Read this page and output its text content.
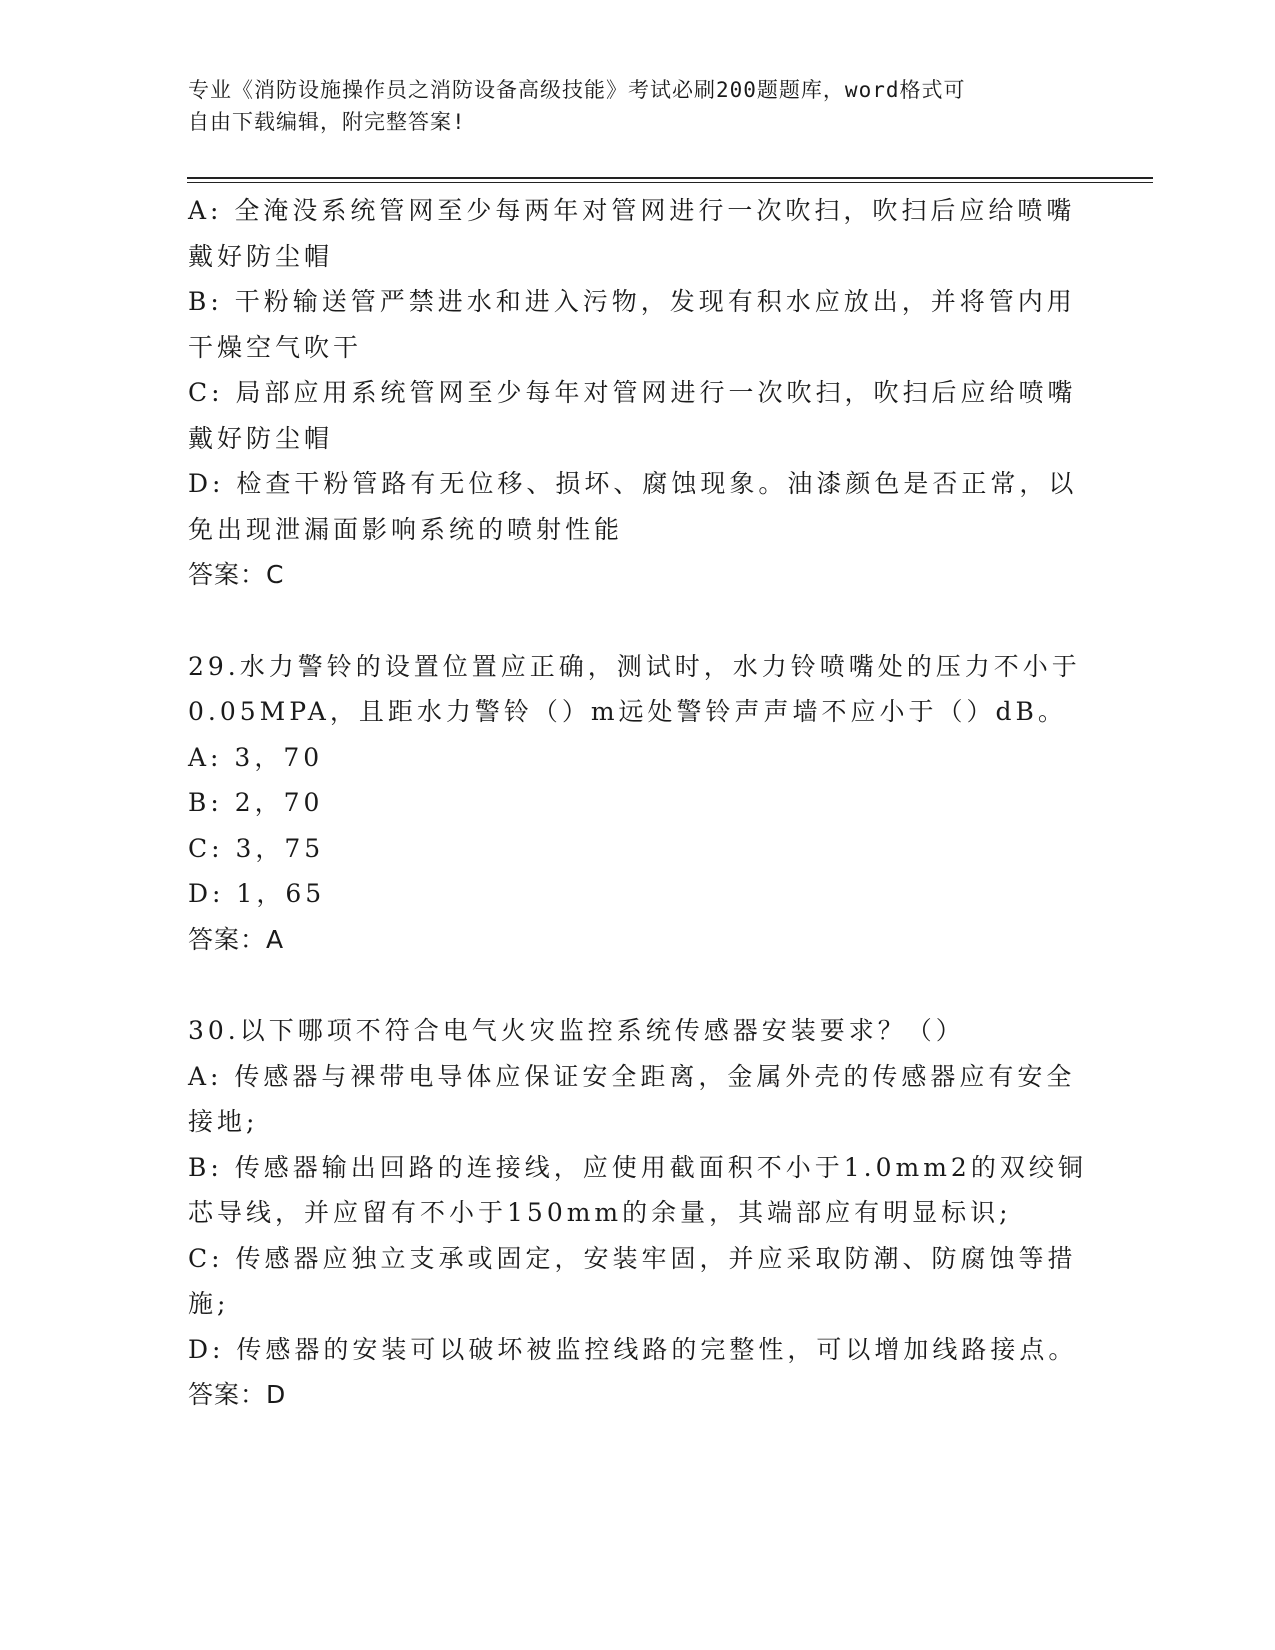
专业《消防设施操作员之消防设备高级技能》考试必刷200题题库，word格式可
自由下载编辑，附完整答案!
A: 全淹没系统管网至少每两年对管网进行一次吹扫，吹扫后应给喷嘴
戴好防尘帽
B: 干粉输送管严禁进水和进入污物，发现有积水应放出，并将管内用
干燥空气吹干
C: 局部应用系统管网至少每年对管网进行一次吹扫，吹扫后应给喷嘴
戴好防尘帽
D: 检查干粉管路有无位移、损坏、腐蚀现象。油漆颜色是否正常，以
免出现泄漏面影响系统的喷射性能
答案：C
29.水力警铃的设置位置应正确，测试时，水力铃喷嘴处的压力不小于
0.05MPA，且距水力警铃（）m远处警铃声声墙不应小于（）dB。
A: 3，70
B: 2，70
C: 3，75
D: 1，65
答案：A
30.以下哪项不符合电气火灾监控系统传感器安装要求？（）
A: 传感器与裸带电导体应保证安全距离，金属外壳的传感器应有安全
接地;
B: 传感器输出回路的连接线，应使用截面积不小于1.0mm2的双绞铜
芯导线，并应留有不小于150mm的余量，其端部应有明显标识;
C: 传感器应独立支承或固定，安装牢固，并应采取防潮、防腐蚀等措
施;
D: 传感器的安装可以破坏被监控线路的完整性，可以增加线路接点。
答案：D
